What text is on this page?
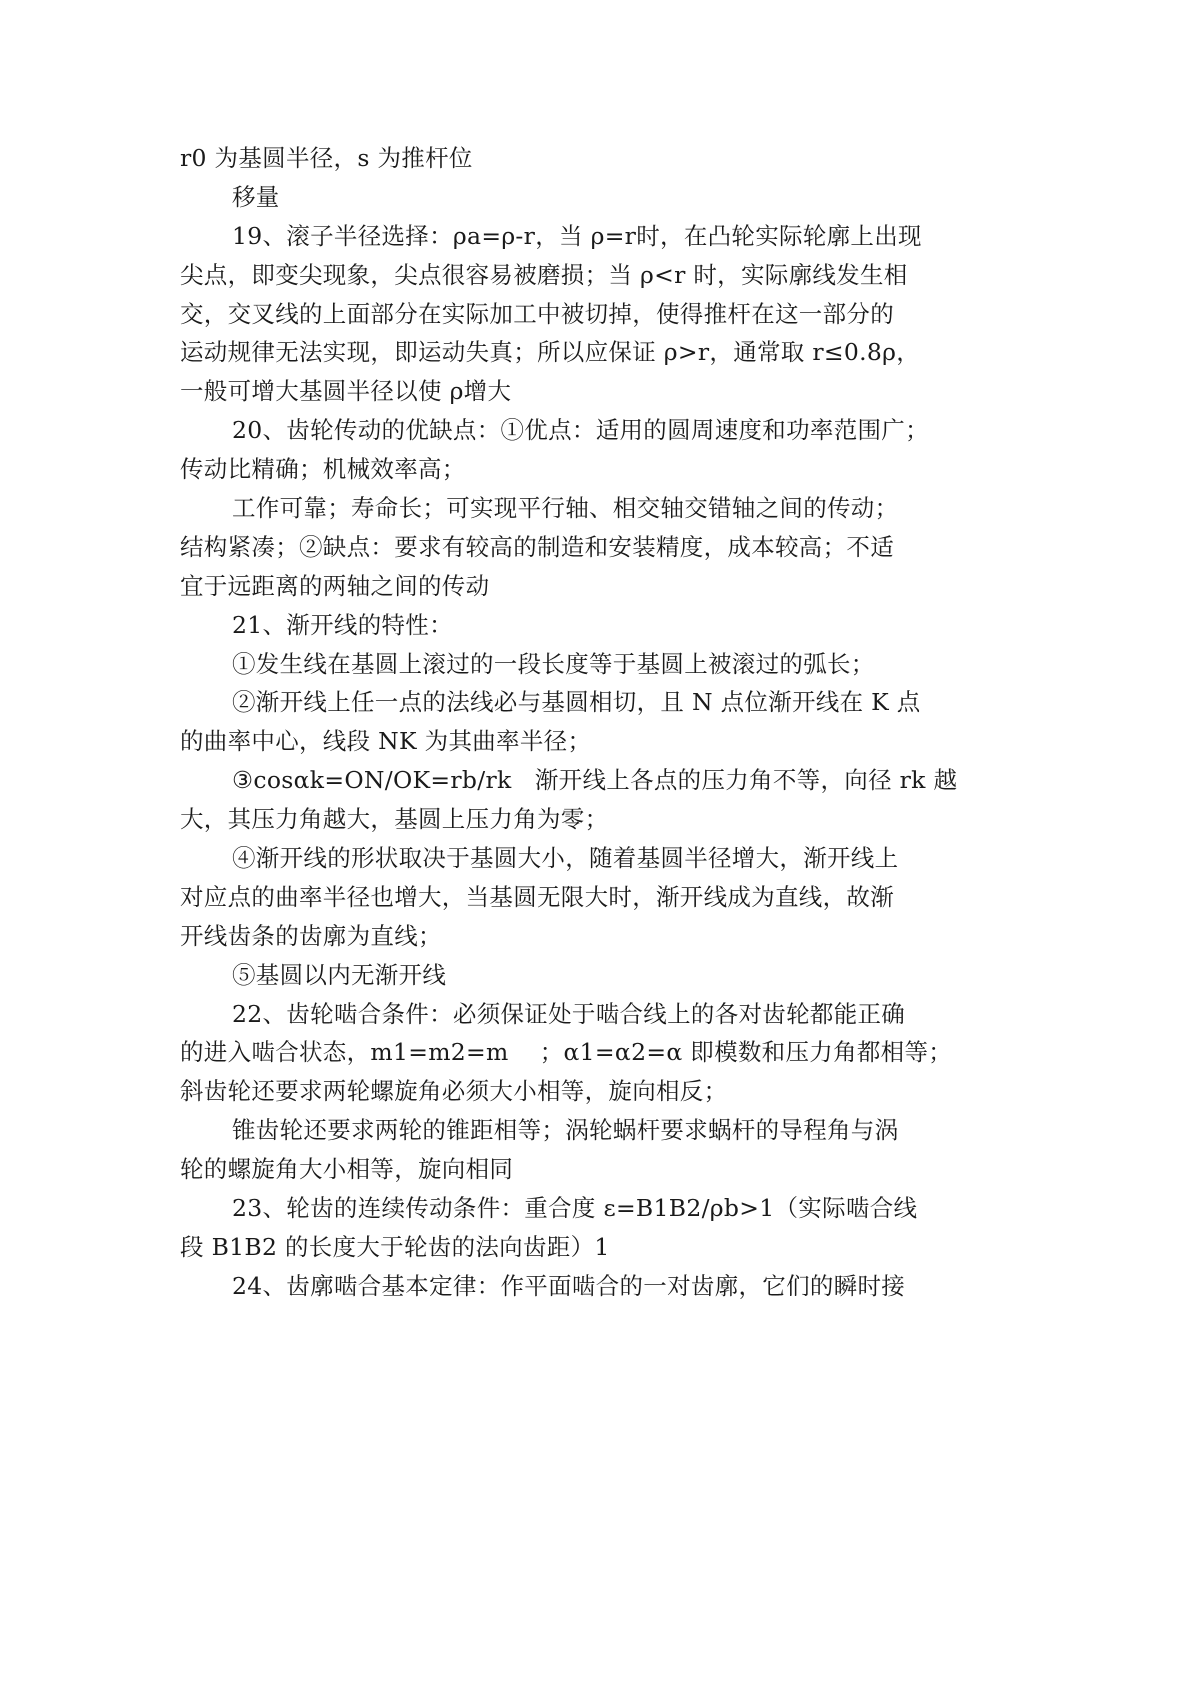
r0 为基圆半径，s 为推杆位
移量
19、滚子半径选择：ρa=ρ-r，当 ρ=r时，在凸轮实际轮廓上出现
尖点，即变尖现象，尖点很容易被磨损；当 ρ<r 时，实际廓线发生相
交，交叉线的上面部分在实际加工中被切掉，使得推杆在这一部分的
运动规律无法实现，即运动失真；所以应保证 ρ>r，通常取 r≤0.8ρ，
一般可增大基圆半径以使 ρ增大
20、齿轮传动的优缺点：①优点：适用的圆周速度和功率范围广；
传动比精确；机械效率高；
工作可靠；寿命长；可实现平行轴、相交轴交错轴之间的传动；
结构紧凑；②缺点：要求有较高的制造和安装精度，成本较高；不适
宜于远距离的两轴之间的传动
21、渐开线的特性：
①发生线在基圆上滚过的一段长度等于基圆上被滚过的弧长；
②渐开线上任一点的法线必与基圆相切，且 N 点位渐开线在 K 点
的曲率中心，线段 NK 为其曲率半径；
③cosαk=ON/OK=rb/rk   渐开线上各点的压力角不等，向径 rk 越
大，其压力角越大，基圆上压力角为零；
④渐开线的形状取决于基圆大小，随着基圆半径增大，渐开线上
对应点的曲率半径也增大，当基圆无限大时，渐开线成为直线，故渐
开线齿条的齿廓为直线；
⑤基圆以内无渐开线
22、齿轮啮合条件：必须保证处于啮合线上的各对齿轮都能正确
的进入啮合状态，m1=m2=m    ；α1=α2=α 即模数和压力角都相等；
斜齿轮还要求两轮螺旋角必须大小相等，旋向相反；
锥齿轮还要求两轮的锥距相等；涡轮蜗杆要求蜗杆的导程角与涡
轮的螺旋角大小相等，旋向相同
23、轮齿的连续传动条件：重合度 ε=B1B2/ρb>1（实际啮合线
段 B1B2 的长度大于轮齿的法向齿距）1
24、齿廓啮合基本定律：作平面啮合的一对齿廓，它们的瞬时接
